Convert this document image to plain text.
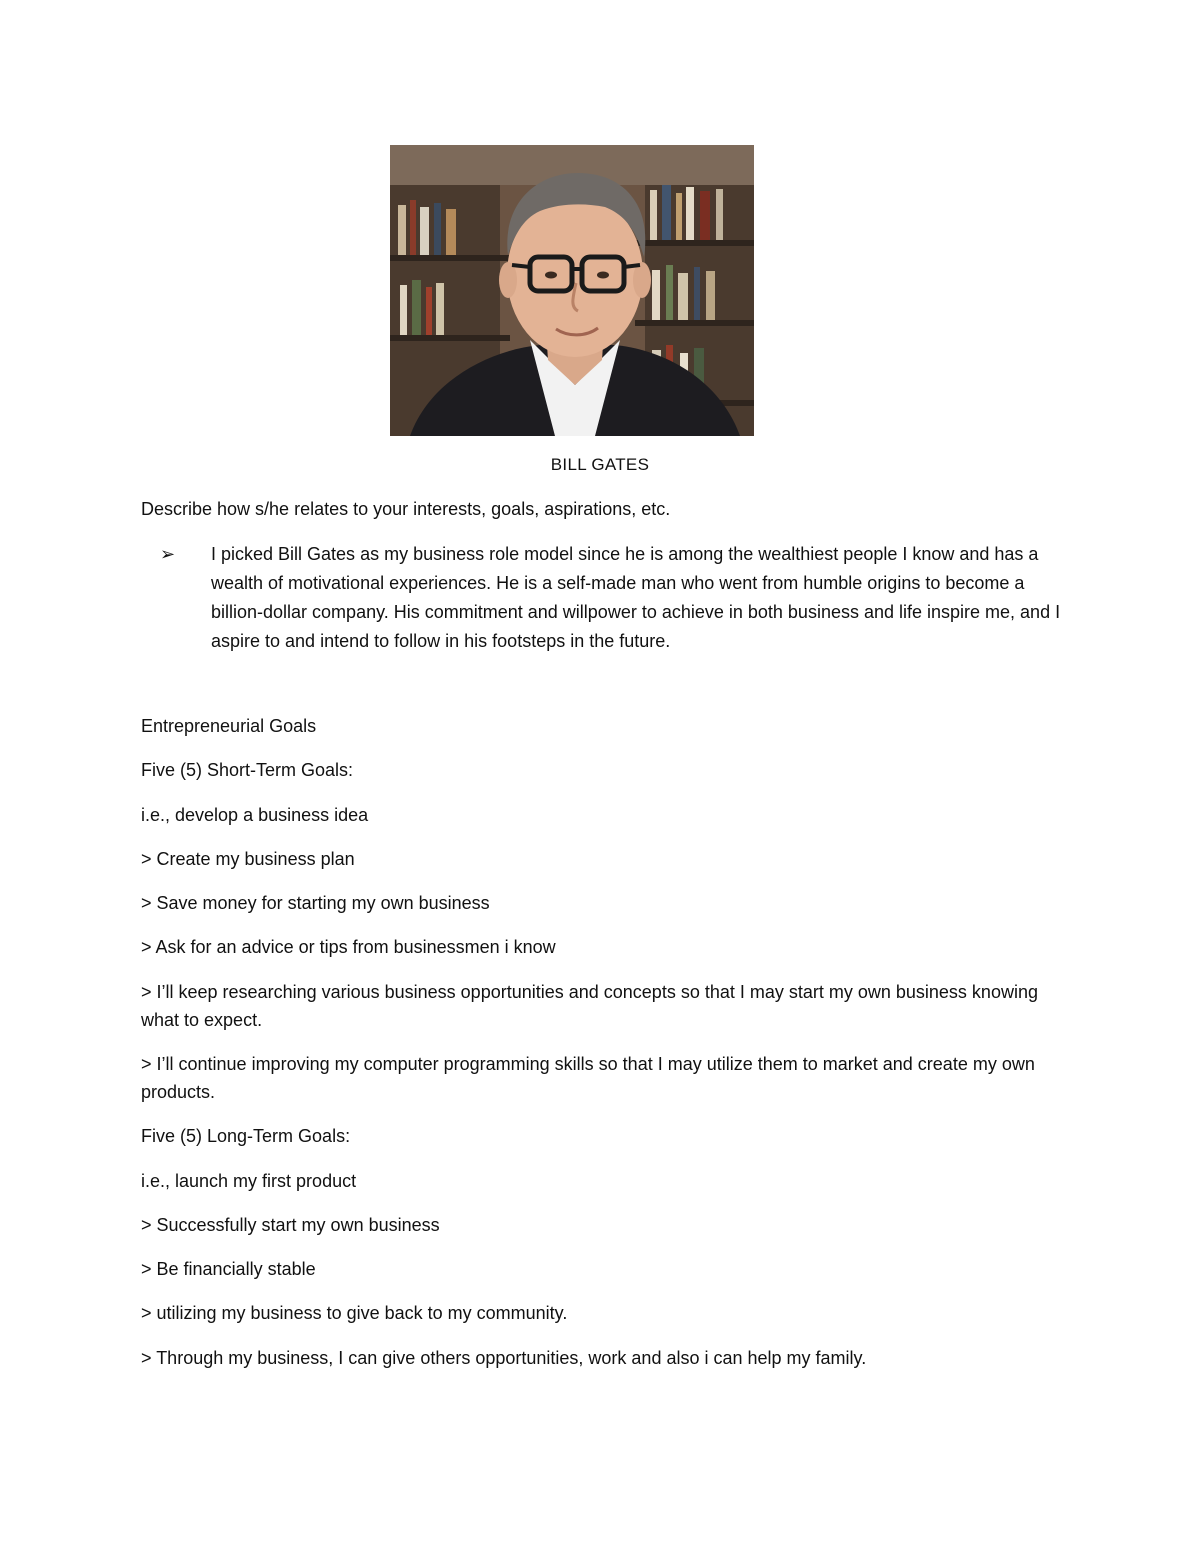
BILL GATES
Describe how s/he relates to your interests, goals, aspirations, etc.
➢ I picked Bill Gates as my business role model since he is among the wealthiest people I know and has a wealth of motivational experiences. He is a self-made man who went from humble origins to become a billion-dollar company. His commitment and willpower to achieve in both business and life inspire me, and I aspire to and intend to follow in his footsteps in the future.
Entrepreneurial Goals
Five (5) Short-Term Goals:
i.e., develop a business idea
> Create my business plan
> Save money for starting my own business
> Ask for an advice or tips from businessmen i know
> I’ll keep researching various business opportunities and concepts so that I may start my own business knowing what to expect.
> I’ll continue improving my computer programming skills so that I may utilize them to market and create my own products.
Five (5) Long-Term Goals:
i.e., launch my first product
> Successfully start my own business
> Be financially stable
> utilizing my business to give back to my community.
> Through my business, I can give others opportunities, work and also i can help my family.
